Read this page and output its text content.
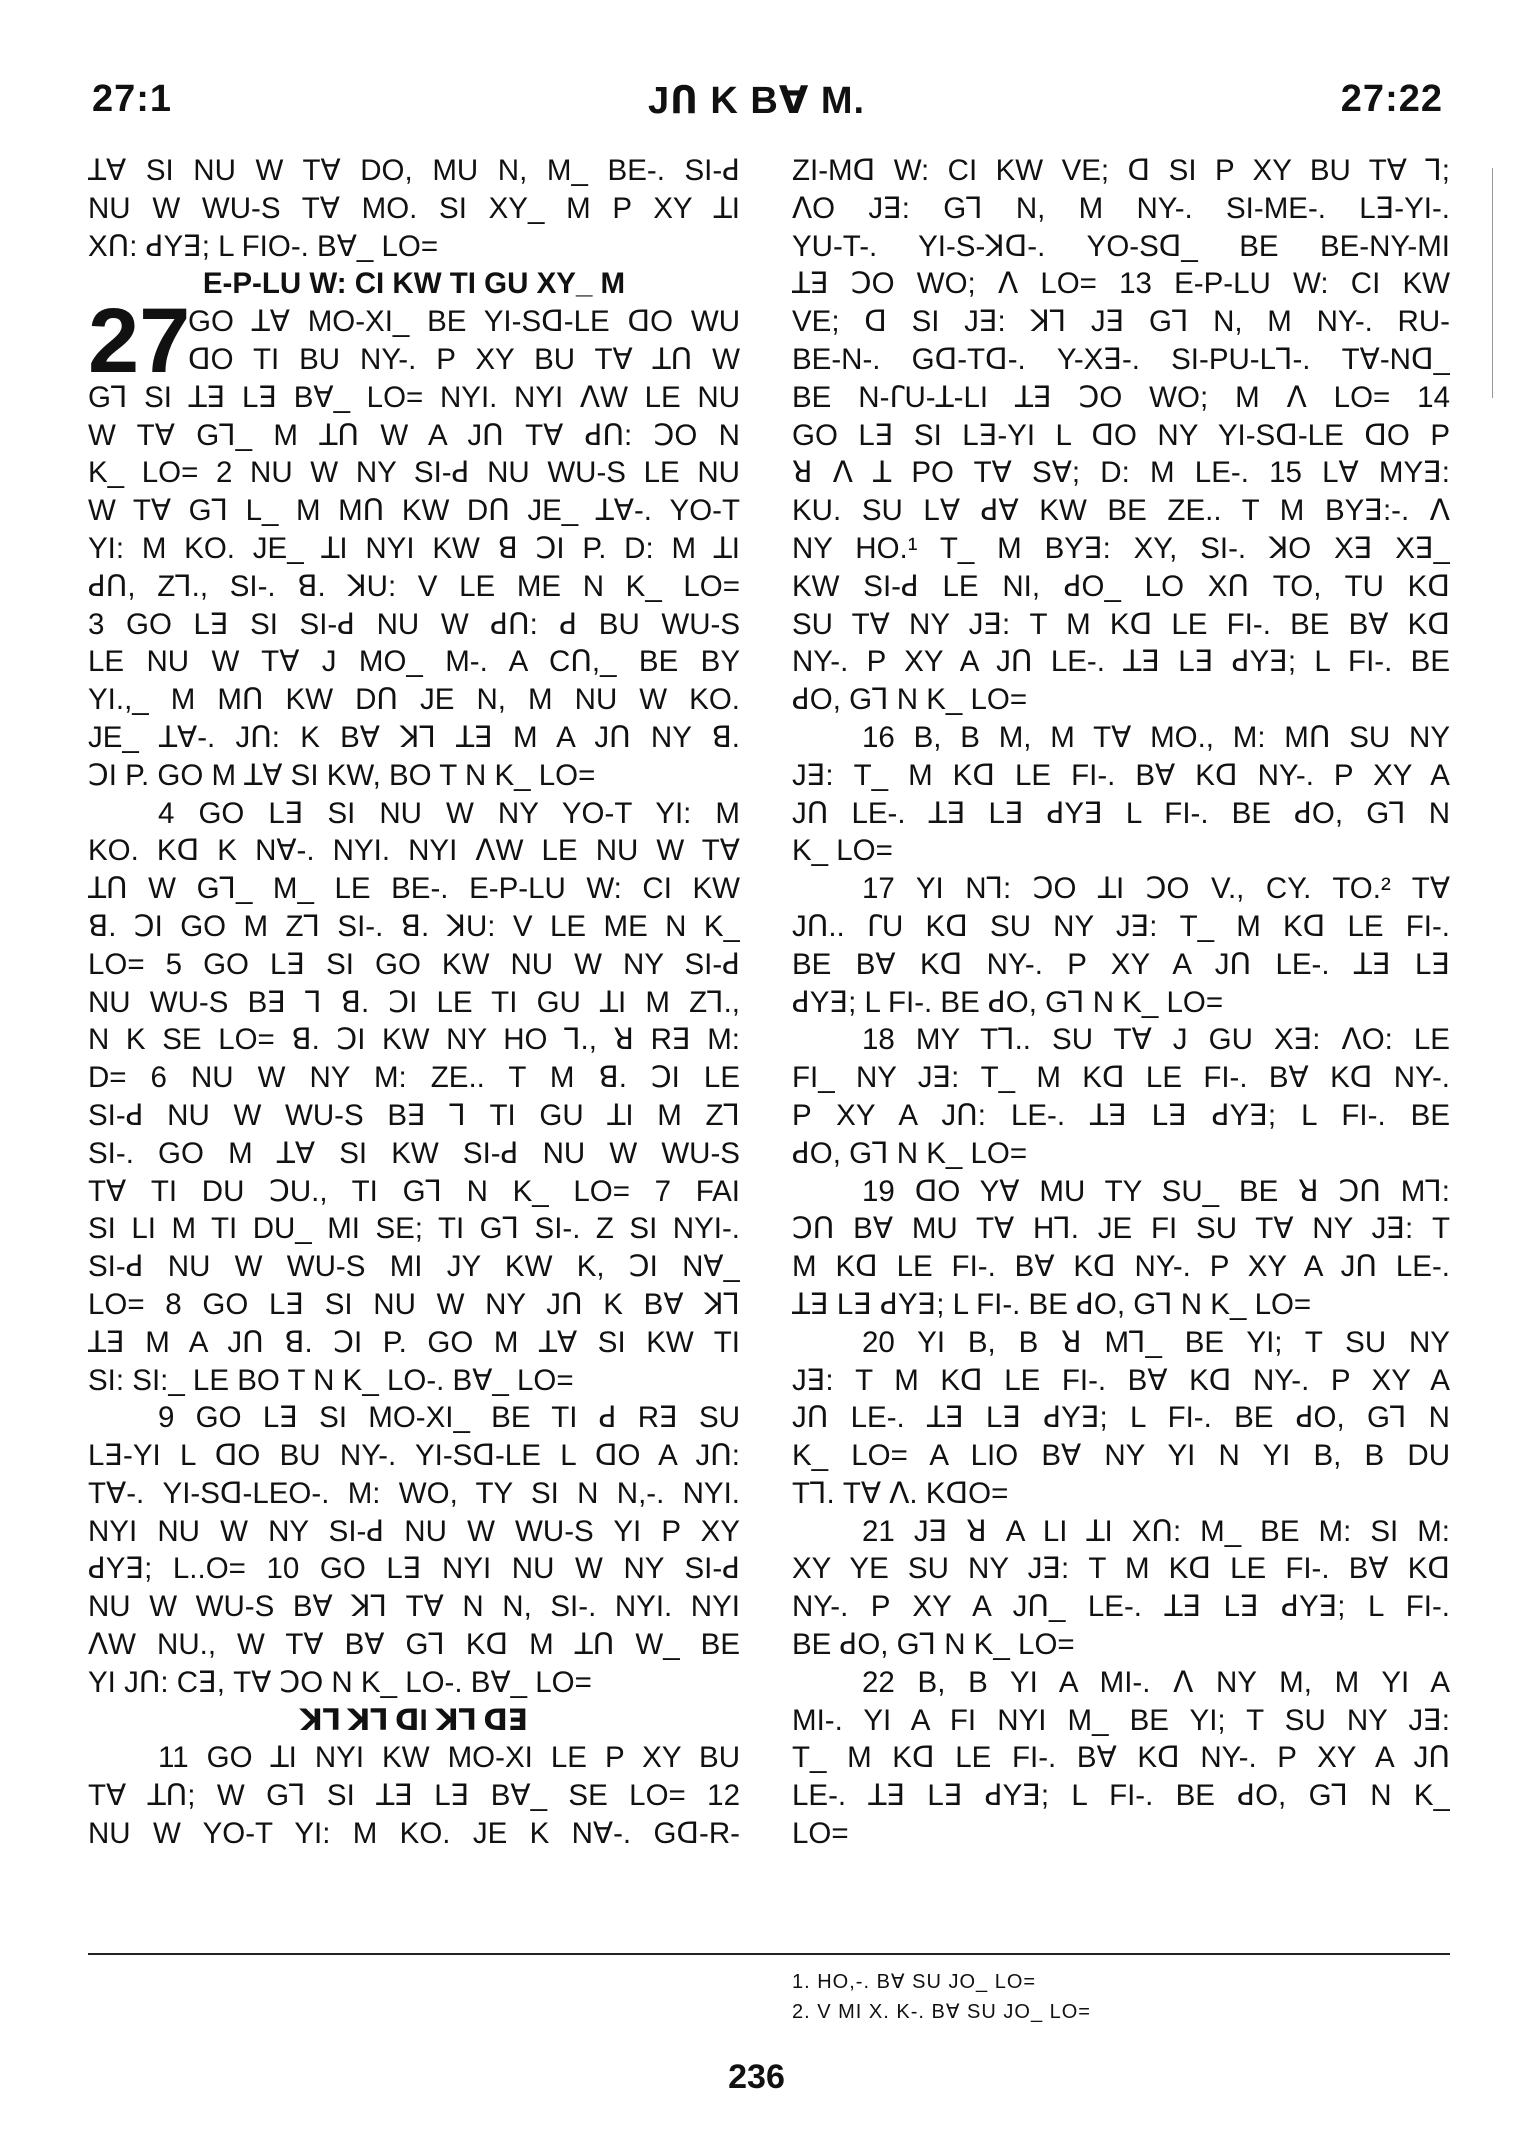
27:1	JՈ K Bꓯ M.	27:22
ꓕꓯ SI NU W Tꓯ DO, MU N, M_ BE-. SI-ꓒ
NU W WU-S Tꓯ MO. SI XY_ M P XY ꓕI
XՈ: ꓒYꓱ; L FIO-. Bꓯ_ LO=
E-P-LU W: CI KW TI GU XY_ M
27
GO ꓕꓯ MO-XI_ BE YI-Sꓷ-LE ꓷO WU
ꓷO TI BU NY-. P XY BU Tꓯ ꓕՈ W
Gꓶ SI ꓕꓱ Lꓱ Bꓯ_ LO= NYI. NYI ꓥW LE NU
W Tꓯ Gꓶ_ M ꓕՈ W A JՈ Tꓯ ꓒՈ: ꓛO N
K_ LO= 2 NU W NY SI-ꓒ NU WU-S LE NU
W Tꓯ Gꓶ L_ M MՈ KW DՈ JE_ ꓕꓯ-. YO-T
YI: M KO. JE_ ꓕI NYI KW ꓭ ꓛI P. D: M ꓕI
ꓒՈ, Zꓶ., SI-. ꓭ. ꓘU: V LE ME N K_ LO=
3 GO Lꓱ SI SI-ꓒ NU W ꓒՈ: ꓒ BU WU-S
LE NU W Tꓯ J MO_ M-. A CՈ,_ BE BY
YI.,_ M MՈ KW DՈ JE N, M NU W KO.
JE_ ꓕꓯ-. JՈ: K Bꓯ ꓘꓶ ꓕꓱ M A JՈ NY ꓭ.
ꓛI P. GO M ꓕꓯ SI KW, BO T N K_ LO=
4 GO Lꓱ SI NU W NY YO-T YI: M
KO. Kꓷ K Nꓯ-. NYI. NYI ꓥW LE NU W Tꓯ
ꓕՈ W Gꓶ_ M_ LE BE-. E-P-LU W: CI KW
ꓭ. ꓛI GO M Zꓶ SI-. ꓭ. ꓘU: V LE ME N K_
LO= 5 GO Lꓱ SI GO KW NU W NY SI-ꓒ
NU WU-S Bꓱ ꓶ ꓭ. ꓛI LE TI GU ꓕI M Zꓶ.,
N K SE LO= ꓭ. ꓛI KW NY HO ꓶ., ꓤ Rꓱ M:
D= 6 NU W NY M: ZE.. T M ꓭ. ꓛI LE
SI-ꓒ NU W WU-S Bꓱ ꓶ TI GU ꓕI M Zꓶ
SI-. GO M ꓕꓯ SI KW SI-ꓒ NU W WU-S
Tꓯ TI DU ꓛU., TI Gꓶ N K_ LO= 7 FAI
SI LI M TI DU_ MI SE; TI Gꓶ SI-. Z SI NYI-.
SI-ꓒ NU W WU-S MI JY KW K, ꓛI Nꓯ_
LO= 8 GO Lꓱ SI NU W NY JՈ K Bꓯ ꓘꓶ
ꓕꓱ M A JՈ ꓭ. ꓛI P. GO M ꓕꓯ SI KW TI
SI: SI:_ LE BO T N K_ LO-. Bꓯ_ LO=
9 GO Lꓱ SI MO-XI_ BE TI ꓒ Rꓱ SU
Lꓱ-YI L ꓷO BU NY-. YI-Sꓷ-LE L ꓷO A JՈ:
Tꓯ-. YI-Sꓷ-LEO-. M: WO, TY SI N N,-. NYI.
NYI NU W NY SI-ꓒ NU W WU-S YI P XY
ꓒYꓱ; L..O= 10 GO Lꓱ NYI NU W NY SI-ꓒ
NU W WU-S Bꓯ ꓘꓶ Tꓯ N N, SI-. NYI. NYI
ꓥW NU., W Tꓯ Bꓯ Gꓶ Kꓷ M ꓕՈ W_ BE
YI JՈ: Cꓱ, Tꓯ ꓛO N K_ LO-. Bꓯ_ LO=
ꓘꓶ ꓘꓶ ꓷI ꓘꓶ ꓷꓱ
11 GO ꓕI NYI KW MO-XI LE P XY BU
Tꓯ ꓕՈ; W Gꓶ SI ꓕꓱ Lꓱ Bꓯ_ SE LO= 12
NU W YO-T YI: M KO. JE K Nꓯ-. Gꓷ-R-
ZI-Mꓷ W: CI KW VE; ꓷ SI P XY BU Tꓯ ꓶ;
ꓥO Jꓱ: Gꓶ N, M NY-. SI-ME-. Lꓱ-YI-.
YU-T-. YI-S-ꓘꓷ-. YO-Sꓷ_ BE BE-NY-MI
ꓕꓱ ꓛO WO; ꓥ LO= 13 E-P-LU W: CI KW
VE; ꓷ SI Jꓱ: ꓘꓶ Jꓱ Gꓶ N, M NY-. RU-
BE-N-. Gꓷ-Tꓷ-. Y-Xꓱ-. SI-PU-Lꓶ-. Tꓯ-Nꓷ_
BE N-ꓩU-ꓕ-LI ꓕꓱ ꓛO WO; M ꓥ LO= 14
GO Lꓱ SI Lꓱ-YI L ꓷO NY YI-Sꓷ-LE ꓷO P
ꓤ ꓥ ꓕ PO Tꓯ Sꓯ; D: M LE-. 15 Lꓯ MYꓱ:
KU. SU Lꓯ ꓒꓯ KW BE ZE.. T M BYꓱ:-. ꓥ
NY HO.¹ T_ M BYꓱ: XY, SI-. ꓘO Xꓱ Xꓱ_
KW SI-ꓒ LE NI, ꓒO_ LO XՈ TO, TU Kꓷ
SU Tꓯ NY Jꓱ: T M Kꓷ LE FI-. BE Bꓯ Kꓷ
NY-. P XY A JՈ LE-. ꓕꓱ Lꓱ ꓒYꓱ; L FI-. BE
ꓒO, Gꓶ N K_ LO=
16 B, B M, M Tꓯ MO., M: MՈ SU NY
Jꓱ: T_ M Kꓷ LE FI-. Bꓯ Kꓷ NY-. P XY A
JՈ LE-. ꓕꓱ Lꓱ ꓒYꓱ L FI-. BE ꓒO, Gꓶ N
K_ LO=
17 YI Nꓶ: ꓛO ꓕI ꓛO V., CY. TO.² Tꓯ
JՈ.. ꓩU Kꓷ SU NY Jꓱ: T_ M Kꓷ LE FI-.
BE Bꓯ Kꓷ NY-. P XY A JՈ LE-. ꓕꓱ Lꓱ
ꓒYꓱ; L FI-. BE ꓒO, Gꓶ N K_ LO=
18 MY Tꓶ.. SU Tꓯ J GU Xꓱ: ꓥO: LE
FI_ NY Jꓱ: T_ M Kꓷ LE FI-. Bꓯ Kꓷ NY-.
P XY A JՈ: LE-. ꓕꓱ Lꓱ ꓒYꓱ; L FI-. BE
ꓒO, Gꓶ N K_ LO=
19 ꓷO Yꓯ MU TY SU_ BE ꓤ ꓛՈ Mꓶ:
ꓛՈ Bꓯ MU Tꓯ Hꓶ. JE FI SU Tꓯ NY Jꓱ: T
M Kꓷ LE FI-. Bꓯ Kꓷ NY-. P XY A JՈ LE-.
ꓕꓱ Lꓱ ꓒYꓱ; L FI-. BE ꓒO, Gꓶ N K_ LO=
20 YI B, B ꓤ Mꓶ_ BE YI; T SU NY
Jꓱ: T M Kꓷ LE FI-. Bꓯ Kꓷ NY-. P XY A
JՈ LE-. ꓕꓱ Lꓱ ꓒYꓱ; L FI-. BE ꓒO, Gꓶ N
K_ LO= A LIO Bꓯ NY YI N YI B, B DU
Tꓶ. Tꓯ ꓥ. KꓷO=
21 Jꓱ ꓤ A LI ꓕI XՈ: M_ BE M: SI M:
XY YE SU NY Jꓱ: T M Kꓷ LE FI-. Bꓯ Kꓷ
NY-. P XY A JՈ_ LE-. ꓕꓱ Lꓱ ꓒYꓱ; L FI-.
BE ꓒO, Gꓶ N K_ LO=
22 B, B YI A MI-. ꓥ NY M, M YI A
MI-. YI A FI NYI M_ BE YI; T SU NY Jꓱ:
T_ M Kꓷ LE FI-. Bꓯ Kꓷ NY-. P XY A JՈ
LE-. ꓕꓱ Lꓱ ꓒYꓱ; L FI-. BE ꓒO, Gꓶ N K_
LO=
1. HO,-. Bꓯ SU JO_ LO=
2. V MI X. K-. Bꓯ SU JO_ LO=
236
